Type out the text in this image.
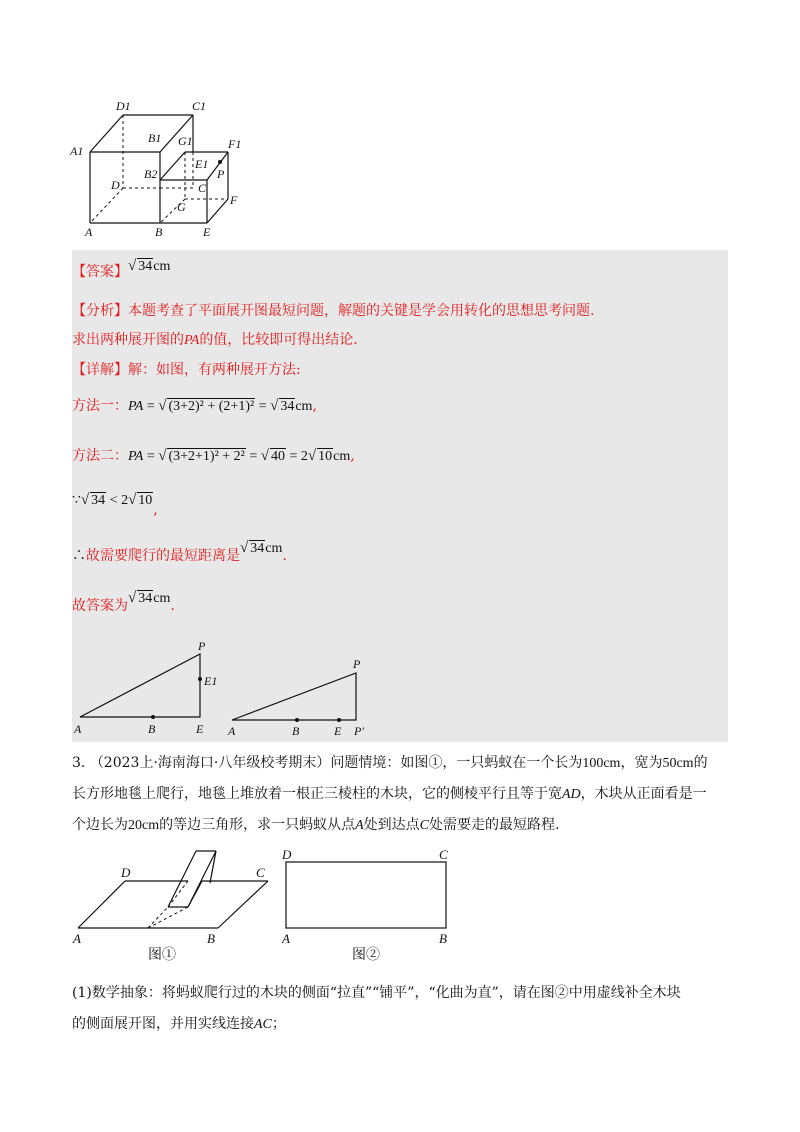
D1	C1
A1
B1 G1	F1
E1
P
D
B2
C
G	F
A	B	E
【答案】√ 34cm
【分析】本题考查了平面展开图最短问题，解题的关键是学会用转化的思想思考问题.
求出两种展开图的PA的值，比较即可得出结论.
【详解】解：如图，有两种展开方法:
方法一：PA = √ (3+2)² + (2+1)² = √ 34cm,
方法二：PA = √ (3+2+1)² + 2² = √ 40 = 2√ 10cm,
∵√ 34 < 2√ 10,
∴故需要爬行的最短距离是√ 34cm.
故答案为√ 34cm.
P
E1
A	B	E
P
A	B	E P′
3. （2023上·海南海口·八年级校考期末）问题情境：如图①，一只蚂蚁在一个长为100cm，宽为50cm的
长方形地毯上爬行，地毯上堆放着一根正三棱柱的木块，它的侧棱平行且等于宽AD，木块从正面看是一
个边长为20cm的等边三角形，求一只蚂蚁从点A处到达点C处需要走的最短路程.
D	C
A	B
D	C
A	B
图①	图②
(1)数学抽象：将蚂蚁爬行过的木块的侧面“拉直”“铺平”，“化曲为直”，请在图②中用虚线补全木块
的侧面展开图，并用实线连接AC；
